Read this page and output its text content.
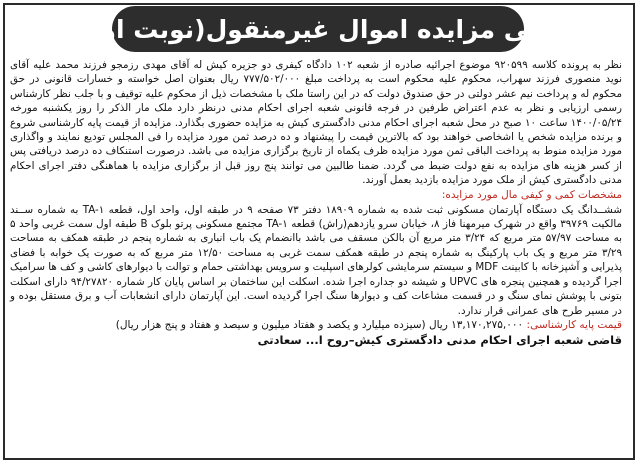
آگهی مزایده اموال غیرمنقول(نوبت اول)

نظر به پرونده کلاسه ۹۲۰۵۹۹ موضوع اجرائیه صادره از شعبه ۱۰۲ دادگاه کیفری دو جزیره کیش له آقای مهدی رزمجو فرزند محمد علیه آقای نوید منصوری فرزند سهراب، محکوم علیه محکوم است به پرداخت مبلغ ۷۷۷/۵۰۲/۰۰۰ ریال بعنوان اصل خواسته و خسارات قانونی در حق محکوم له و پرداخت نیم عشر دولتی در حق صندوق دولت که در این راستا ملک با مشخصات ذیل از محکوم علیه توقیف و با جلب نظر کارشناس رسمی ارزیابی و نظر به عدم اعتراض طرفین در فرجه قانونی شعبه اجرای احکام مدنی درنظر دارد ملک مار الذکر را روز یکشنبه مورخه ۱۴۰۰/۰۵/۲۴ ساعت ۱۰ صبح در محل شعبه اجرای احکام مدنی دادگستری کیش به مزایده حضوری بگذارد. مزایده از قیمت پایه کارشناسی شروع و برنده مزایده شخص یا اشخاصی خواهند بود که بالاترین قیمت را پیشنهاد و ده درصد ثمن مورد مزایده را فی المجلس تودیع نمایند و واگذاری مورد مزایده منوط به پرداخت الباقی ثمن مورد مزایده ظرف یکماه از تاریخ برگزاری مزایده می باشد. درصورت استنکاف ده درصد دریافتی پس از کسر هزینه های مزایده به نفع دولت ضبط می گردد. ضمنا طالبین می توانند پنج روز قبل از برگزاری مزایده با هماهنگی دفتر اجرای احکام مدنی دادگستری کیش از ملک مورد مزایده بازدید بعمل آورند.

مشخصات کمی و کیفی مال مورد مزایده:

ششــدانگ یک دستگاه آپارتمان مسکونی ثبت شده به شماره ۱۸۹۰۹ دفتر ۷۳ صفحه ۹ در طبقه اول، واحد اول، قطعه TA-۱ به شماره ســند مالکیت ۳۹۷۶۹ واقع در شهرک میرمهنا فاز ۸، خیابان سرو یازدهم(راش) قطعه TA-۱ مجتمع مسکونی پرتو بلوک B طبقه اول سمت غربی واحد ۵ به مساحت ۵۷/۹۷ متر مربع که ۳/۲۴ متر مربع آن بالکن مسقف می باشد باانضمام یک باب انباری به شماره پنجم در طبقه همکف به مساحت ۳/۲۹ متر مربع و یک باب پارکینگ به شماره پنجم در طبقه همکف سمت غربی به مساحت ۱۲/۵۰ متر مربع که به صورت یک خوابه با فضای پذیرایی و آشپزخانه با کابینت MDF و سیستم سرمایشی کولرهای اسپلیت و سرویس بهداشتی حمام و توالت با دیوارهای کاشی و کف ها سرامیک اجرا گردیده و همچنین پنجره های UPVC و شیشه دو جداره اجرا شده. اسکلت این ساختمان بر اساس پایان کار شماره ۹۴/۲۷۸۲۰ دارای اسکلت بتونی با پوشش نمای سنگ و در قسمت مشاعات کف و دیوارها سنگ اجرا گردیده است. این آپارتمان دارای انشعابات آب و برق مستقل بوده و در مسیر طرح های عمرانی قرار ندارد.

قیمت پایه کارشناسی: ۱۳,۱۷۰,۲۷۵,۰۰۰ ریال (سیزده میلیارد و یکصد و هفتاد میلیون و سیصد و هفتاد و پنج هزار ریال)

قاضی شعبه اجرای احکام مدنی دادگستری کیش–روح ا... سعادتی
